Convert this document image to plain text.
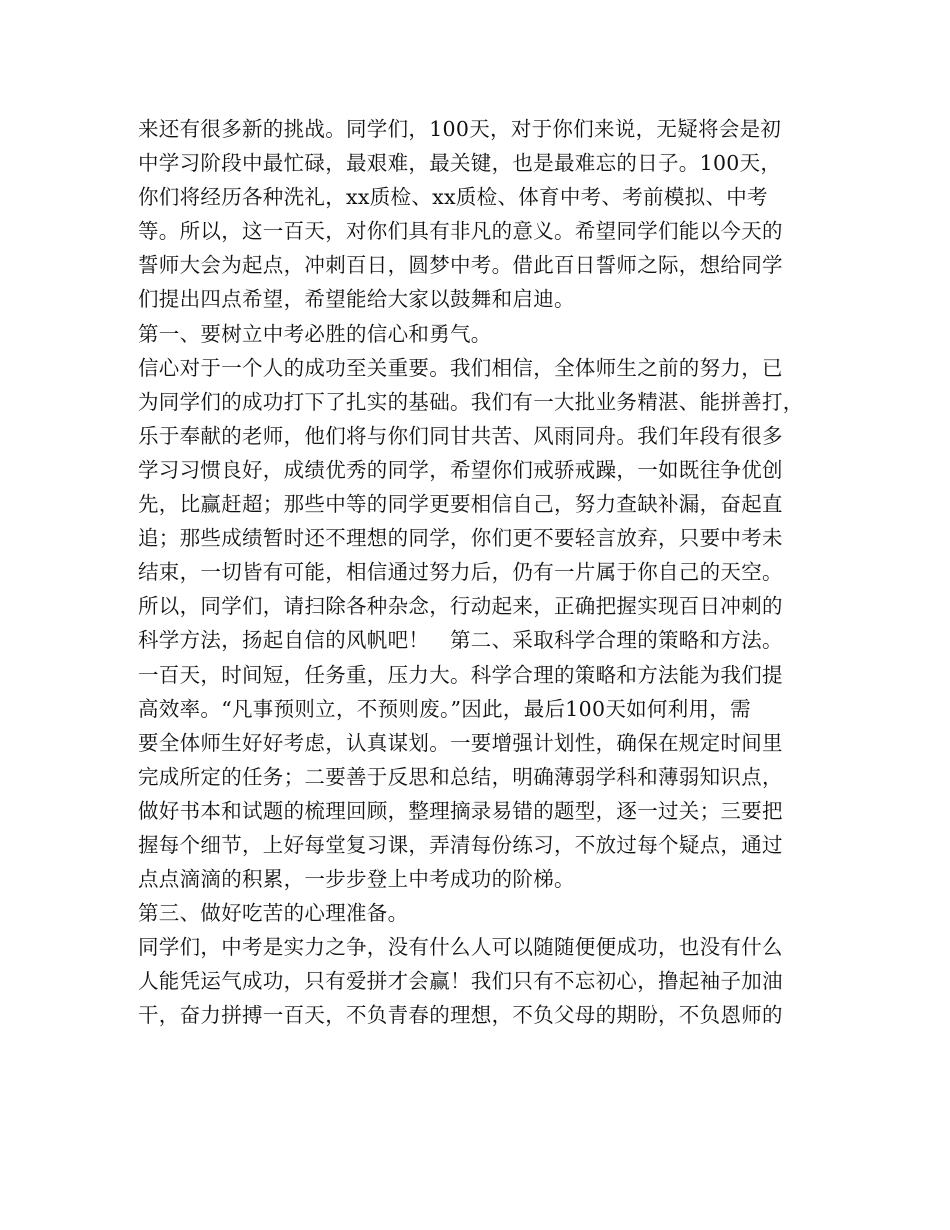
来还有很多新的挑战。同学们，100天，对于你们来说，无疑将会是初
中学习阶段中最忙碌，最艰难，最关键，也是最难忘的日子。100天，
你们将经历各种洗礼，xx质检、xx质检、体育中考、考前模拟、中考
等。所以，这一百天，对你们具有非凡的意义。希望同学们能以今天的
誓师大会为起点，冲刺百日，圆梦中考。借此百日誓师之际，想给同学
们提出四点希望，希望能给大家以鼓舞和启迪。
第一、要树立中考必胜的信心和勇气。
信心对于一个人的成功至关重要。我们相信，全体师生之前的努力，已
为同学们的成功打下了扎实的基础。我们有一大批业务精湛、能拼善打，
乐于奉献的老师，他们将与你们同甘共苦、风雨同舟。我们年段有很多
学习习惯良好，成绩优秀的同学，希望你们戒骄戒躁，一如既往争优创
先，比赢赶超；那些中等的同学更要相信自己，努力查缺补漏，奋起直
追；那些成绩暂时还不理想的同学，你们更不要轻言放弃，只要中考未
结束，一切皆有可能，相信通过努力后，仍有一片属于你自己的天空。
所以，同学们，请扫除各种杂念，行动起来，正确把握实现百日冲刺的
科学方法，扬起自信的风帆吧！　第二、采取科学合理的策略和方法。
一百天，时间短，任务重，压力大。科学合理的策略和方法能为我们提
高效率。“凡事预则立，不预则废。”因此，最后100天如何利用，需
要全体师生好好考虑，认真谋划。一要增强计划性，确保在规定时间里
完成所定的任务；二要善于反思和总结，明确薄弱学科和薄弱知识点，
做好书本和试题的梳理回顾，整理摘录易错的题型，逐一过关；三要把
握每个细节，上好每堂复习课，弄清每份练习，不放过每个疑点，通过
点点滴滴的积累，一步步登上中考成功的阶梯。
第三、做好吃苦的心理准备。
同学们，中考是实力之争，没有什么人可以随随便便成功，也没有什么
人能凭运气成功，只有爱拼才会赢！我们只有不忘初心，撸起袖子加油
干，奋力拼搏一百天，不负青春的理想，不负父母的期盼，不负恩师的
